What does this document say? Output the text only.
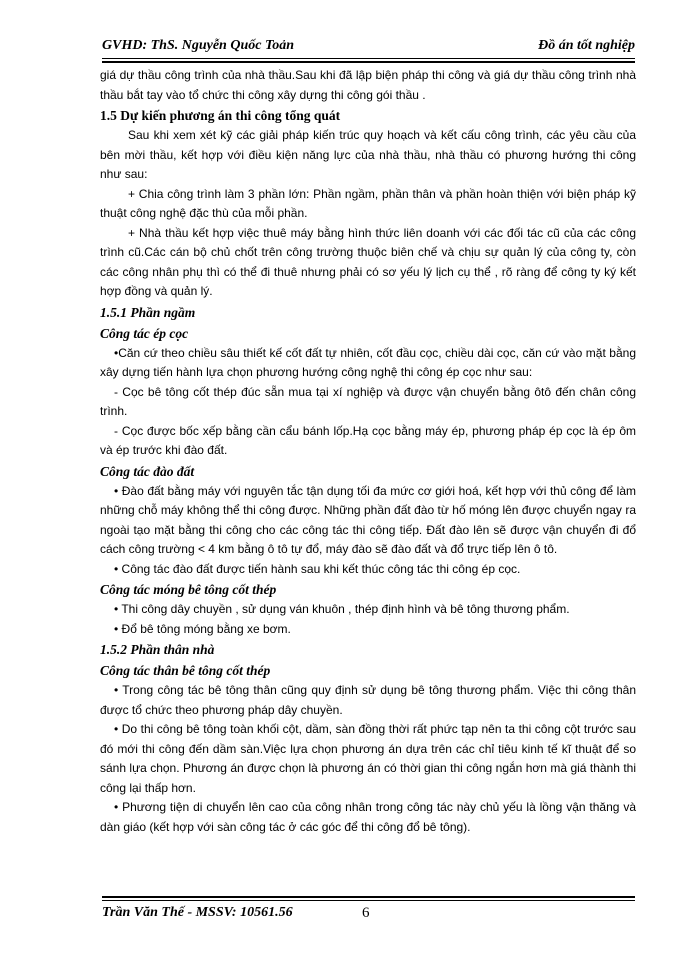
GVHD: ThS. Nguyễn Quốc Toản	Đồ án tốt nghiệp

giá dự thầu công trình của nhà thầu.Sau khi đã lập biện pháp thi công và giá dự thầu công trình nhà thầu bắt tay vào tổ chức thi công xây dựng thi công gói thầu .

1.5 Dự kiến phương án thi công tổng quát

Sau khi xem xét kỹ các giải pháp kiến trúc quy hoạch và kết cấu công trình, các yêu cầu của bên mời thầu, kết hợp với điều kiện năng lực của nhà thầu, nhà thầu có phương hướng thi công như sau:

+ Chia công trình làm 3 phần lớn: Phần ngầm, phần thân và phần hoàn thiện với biện pháp kỹ thuật công nghệ đặc thù của mỗi phần.

+ Nhà thầu kết hợp việc thuê máy bằng hình thức liên doanh với các đối tác cũ của các công trình cũ.Các cán bộ chủ chốt trên công trường thuộc biên chế và chịu sự quản lý của công ty, còn các công nhân phụ thì có thể đi thuê nhưng phải có sơ yếu lý lịch cụ thể , rõ ràng để công ty ký kết hợp đồng và quản lý.

1.5.1 Phần ngầm

Công tác ép cọc

•Căn cứ theo chiều sâu thiết kế cốt đất tự nhiên, cốt đầu cọc, chiều dài cọc, căn cứ vào mặt bằng xây dựng tiến hành lựa chọn phương hướng công nghệ thi công ép cọc như sau:

- Cọc bê tông cốt thép đúc sẵn mua tại xí nghiệp và được vận chuyển bằng ôtô đến chân công trình.

- Cọc được bốc xếp bằng cần cẩu bánh lốp.Hạ cọc bằng máy ép, phương pháp ép cọc là ép ôm và ép trước khi đào đất.

Công tác đào đất

• Đào đất bằng máy với nguyên tắc tận dụng tối đa mức cơ giới hoá, kết hợp với thủ công để làm những chỗ máy không thể thi công được. Những phần đất đào từ hố móng lên được chuyển ngay ra ngoài tạo mặt bằng thi công cho các công tác thi công tiếp. Đất đào lên sẽ được vận chuyển đi đổ cách công trường < 4 km bằng ô tô tự đổ, máy đào sẽ đào đất và đổ trực tiếp lên ô tô.

• Công tác đào đất được tiến hành sau khi kết thúc công tác thi công ép cọc.

Công tác móng bê tông cốt thép

• Thi công dây chuyền , sử dụng ván khuôn , thép định hình và bê tông thương phẩm.

• Đổ bê tông móng bằng xe bơm.

1.5.2 Phần thân nhà

Công tác thân bê tông cốt thép

• Trong công tác bê tông thân cũng quy định sử dụng bê tông thương phẩm. Việc thi công thân được tổ chức theo phương pháp dây chuyền.

• Do thi công bê tông toàn khối cột, dầm, sàn đồng thời rất phức tạp nên ta thi công cột trước sau đó mới thi công đến dầm sàn.Việc lựa chọn phương án dựa trên các chỉ tiêu kinh tế kĩ thuật để so sánh lựa chọn. Phương án được chọn là phương án có thời gian thi công ngắn hơn mà giá thành thi công lại thấp hơn.

• Phương tiện di chuyển lên cao của công nhân trong công tác này chủ yếu là lồng vận thăng và dàn giáo (kết hợp với sàn công tác ở các góc để thi công đổ bê tông).

Trần Văn Thế - MSSV: 10561.56	6
